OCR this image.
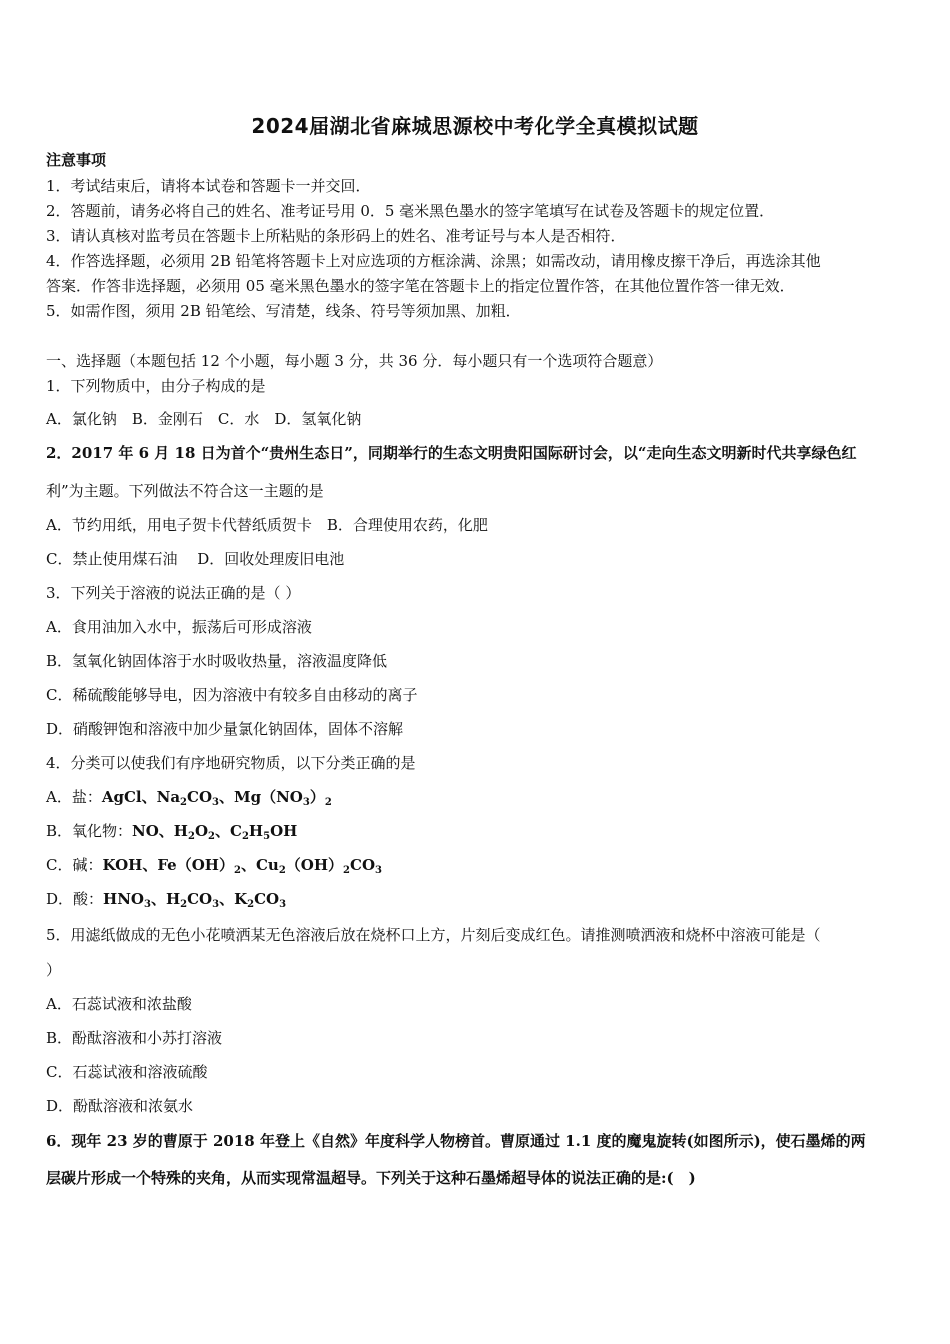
2024届湖北省麻城思源校中考化学全真模拟试题
注意事项
1．考试结束后，请将本试卷和答题卡一并交回．
2．答题前，请务必将自己的姓名、准考证号用 0．5 毫米黑色墨水的签字笔填写在试卷及答题卡的规定位置．
3．请认真核对监考员在答题卡上所粘贴的条形码上的姓名、准考证号与本人是否相符．
4．作答选择题，必须用 2B 铅笔将答题卡上对应选项的方框涂满、涂黑；如需改动，请用橡皮擦干净后，再选涂其他
答案．作答非选择题，必须用 05 毫米黑色墨水的签字笔在答题卡上的指定位置作答，在其他位置作答一律无效．
5．如需作图，须用 2B 铅笔绘、写清楚，线条、符号等须加黑、加粗．
一、选择题（本题包括 12 个小题，每小题 3 分，共 36 分．每小题只有一个选项符合题意）
1．下列物质中，由分子构成的是
A．氯化钠　B．金刚石　C．水　D．氢氧化钠
2．2017 年 6 月 18 日为首个“贵州生态日”，同期举行的生态文明贵阳国际研讨会，以“走向生态文明新时代共享绿色红
利”为主题。下列做法不符合这一主题的是
A．节约用纸，用电子贺卡代替纸质贺卡　B．合理使用农药，化肥
C．禁止使用煤石油　 D．回收处理废旧电池
3．下列关于溶液的说法正确的是（ ）
A．食用油加入水中，振荡后可形成溶液
B．氢氧化钠固体溶于水时吸收热量，溶液温度降低
C．稀硫酸能够导电，因为溶液中有较多自由移动的离子
D．硝酸钾饱和溶液中加少量氯化钠固体，固体不溶解
4．分类可以使我们有序地研究物质，以下分类正确的是
A．盐：AgCl、$Na_2CO_3$、$Mg(NO_3)_2$
B．氧化物：NO、$H_2O_2$、$C_2H_5OH$
C．碱：KOH、$Fe(OH)_2$、$Cu_2(OH)_2CO_3$
D．酸：$HNO_3$、$H_2CO_3$、$K_2CO_3$
5．用滤纸做成的无色小花喷洒某无色溶液后放在烧杯口上方，片刻后变成红色。请推测喷洒液和烧杯中溶液可能是（
）
A．石蕊试液和浓盐酸
B．酚酞溶液和小苏打溶液
C．石蕊试液和溶液硫酸
D．酚酞溶液和浓氨水
6．现年 23 岁的曹原于 2018 年登上《自然》年度科学人物榜首。曹原通过 1.1 度的魔鬼旋转(如图所示)，使石墨烯的两
层碳片形成一个特殊的夹角，从而实现常温超导。下列关于这种石墨烯超导体的说法正确的是:(　)
